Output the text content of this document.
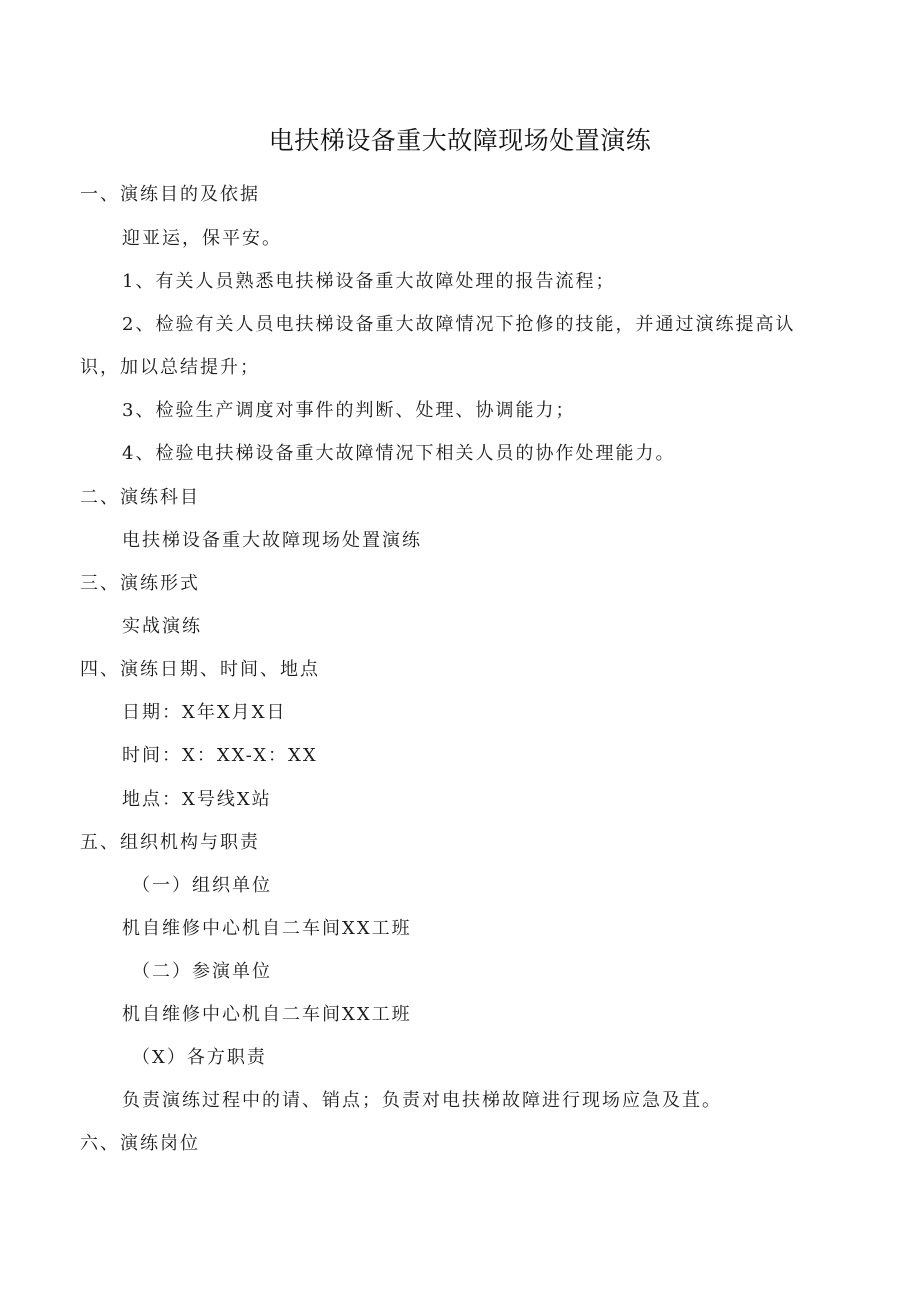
电扶梯设备重大故障现场处置演练
一、演练目的及依据
迎亚运，保平安。
1、有关人员熟悉电扶梯设备重大故障处理的报告流程；
2、检验有关人员电扶梯设备重大故障情况下抢修的技能，并通过演练提高认
识，加以总结提升；
3、检验生产调度对事件的判断、处理、协调能力；
4、检验电扶梯设备重大故障情况下相关人员的协作处理能力。
二、演练科目
电扶梯设备重大故障现场处置演练
三、演练形式
实战演练
四、演练日期、时间、地点
日期：X年X月X日
时间：X：XX-X：XX
地点：X号线X站
五、组织机构与职责
（一）组织单位
机自维修中心机自二车间XX工班
（二）参演单位
机自维修中心机自二车间XX工班
（X）各方职责
负责演练过程中的请、销点；负责对电扶梯故障进行现场应急及苴。
六、演练岗位
